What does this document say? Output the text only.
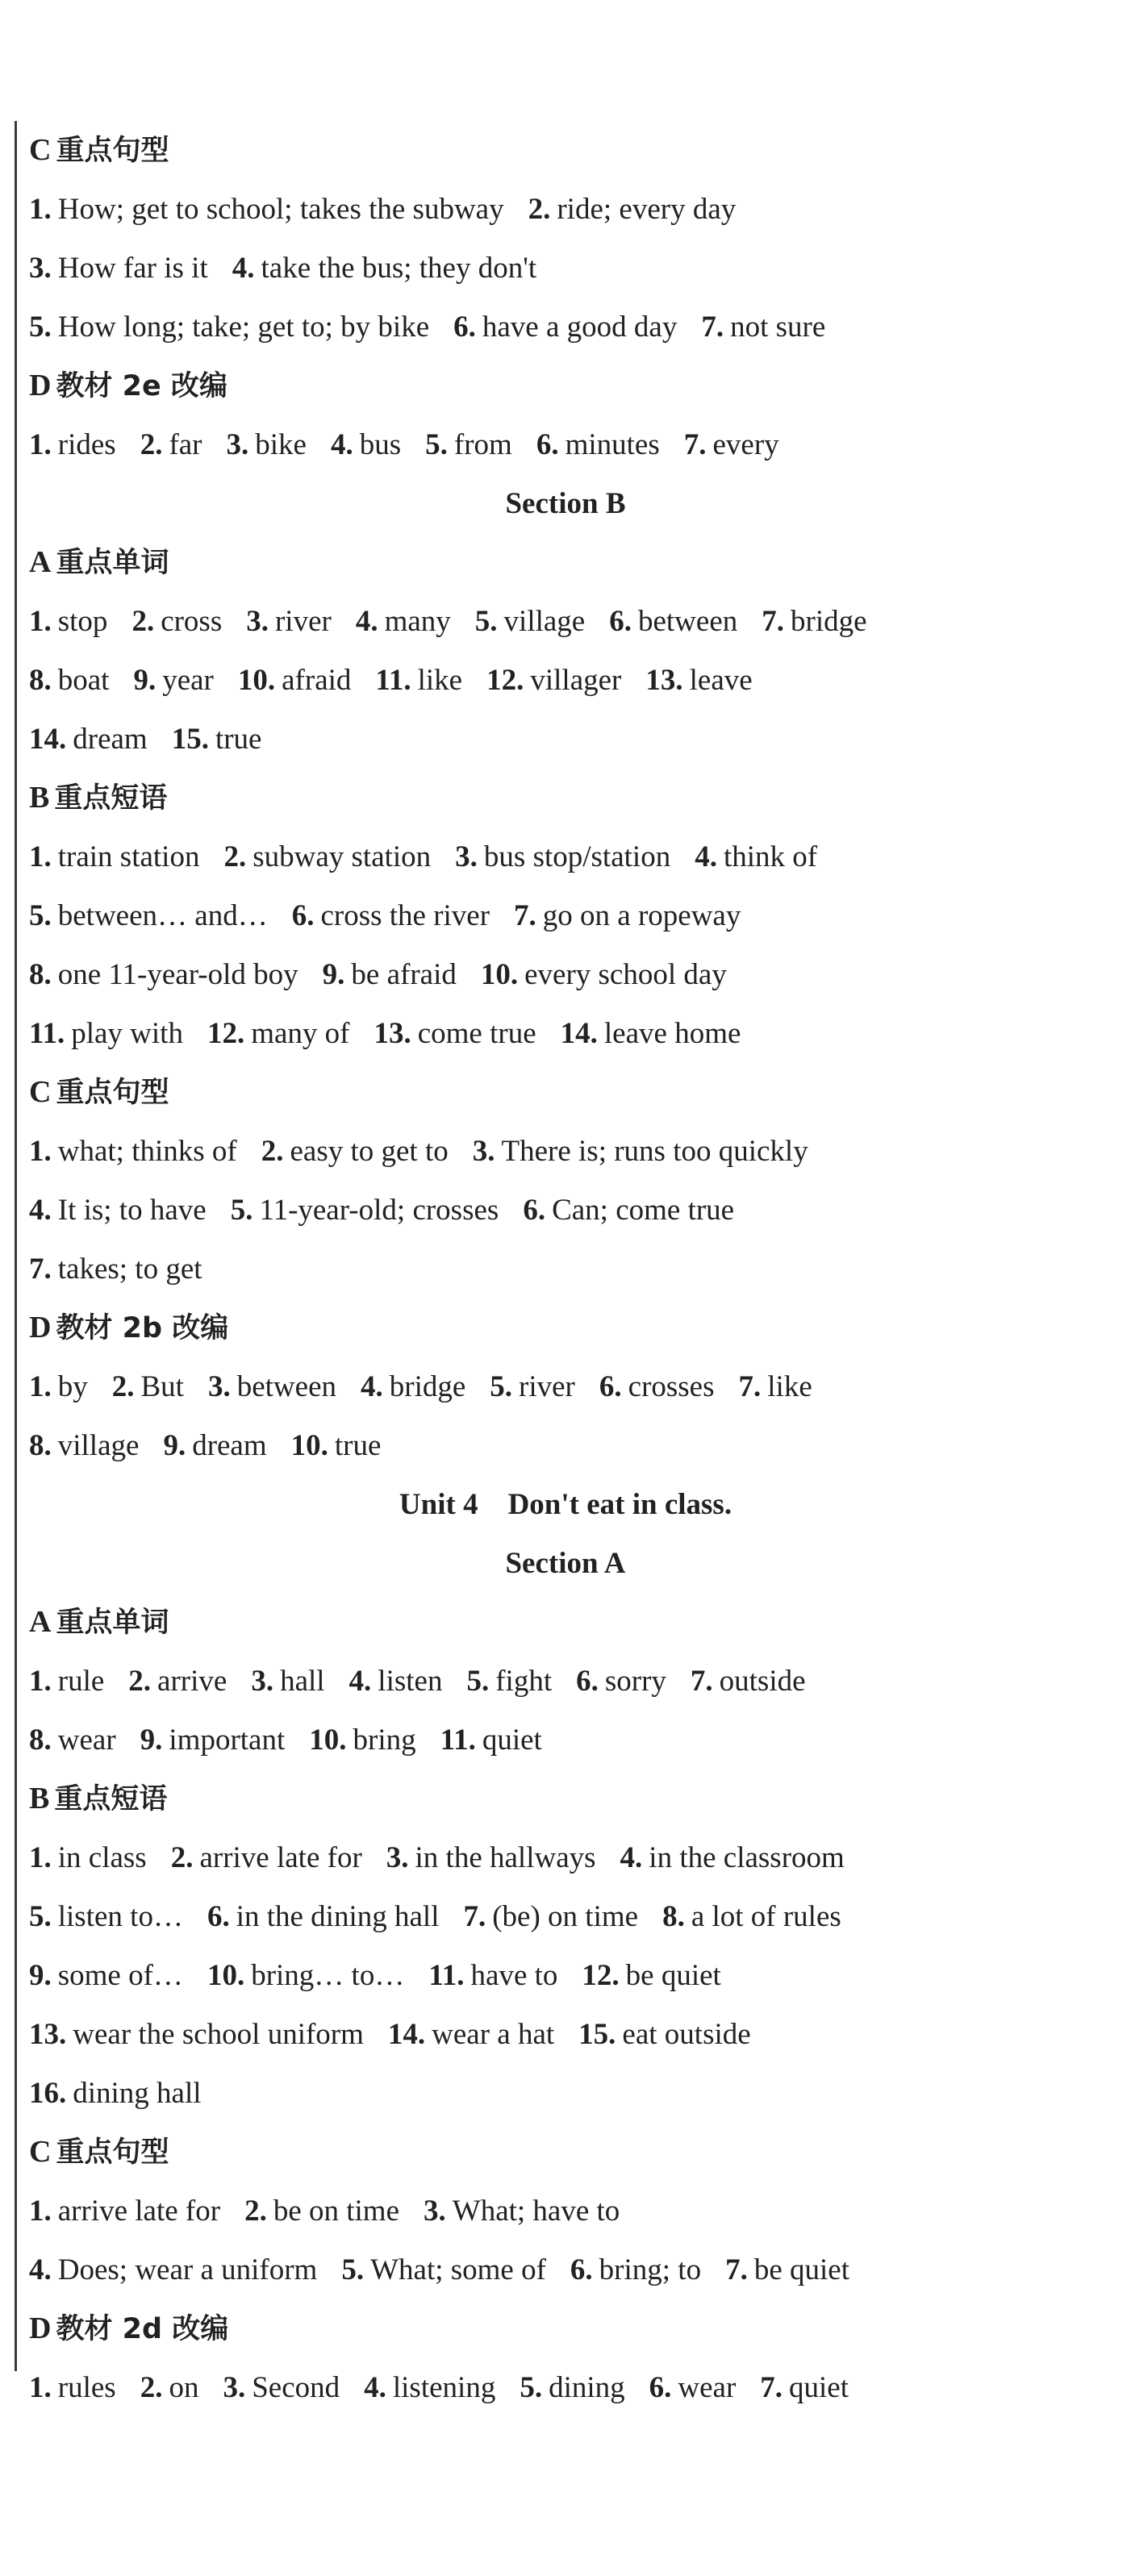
C 重点句型
1. How; get to school; takes the subway 2. ride; every day
3. How far is it 4. take the bus; they don't
5. How long; take; get to; by bike 6. have a good day 7. not sure
D 教材 2e 改编
1. rides 2. far 3. bike 4. bus 5. from 6. minutes 7. every
Section B
A 重点单词
1. stop 2. cross 3. river 4. many 5. village 6. between 7. bridge
8. boat 9. year 10. afraid 11. like 12. villager 13. leave
14. dream 15. true
B 重点短语
1. train station 2. subway station 3. bus stop/station 4. think of
5. between… and… 6. cross the river 7. go on a ropeway
8. one 11-year-old boy 9. be afraid 10. every school day
11. play with 12. many of 13. come true 14. leave home
C 重点句型
1. what; thinks of 2. easy to get to 3. There is; runs too quickly
4. It is; to have 5. 11-year-old; crosses 6. Can; come true
7. takes; to get
D 教材 2b 改编
1. by 2. But 3. between 4. bridge 5. river 6. crosses 7. like
8. village 9. dream 10. true
Unit 4    Don't eat in class.
Section A
A 重点单词
1. rule 2. arrive 3. hall 4. listen 5. fight 6. sorry 7. outside
8. wear 9. important 10. bring 11. quiet
B 重点短语
1. in class 2. arrive late for 3. in the hallways 4. in the classroom
5. listen to… 6. in the dining hall 7. (be) on time 8. a lot of rules
9. some of… 10. bring… to… 11. have to 12. be quiet
13. wear the school uniform 14. wear a hat 15. eat outside
16. dining hall
C 重点句型
1. arrive late for 2. be on time 3. What; have to
4. Does; wear a uniform 5. What; some of 6. bring; to 7. be quiet
D 教材 2d 改编
1. rules 2. on 3. Second 4. listening 5. dining 6. wear 7. quiet
